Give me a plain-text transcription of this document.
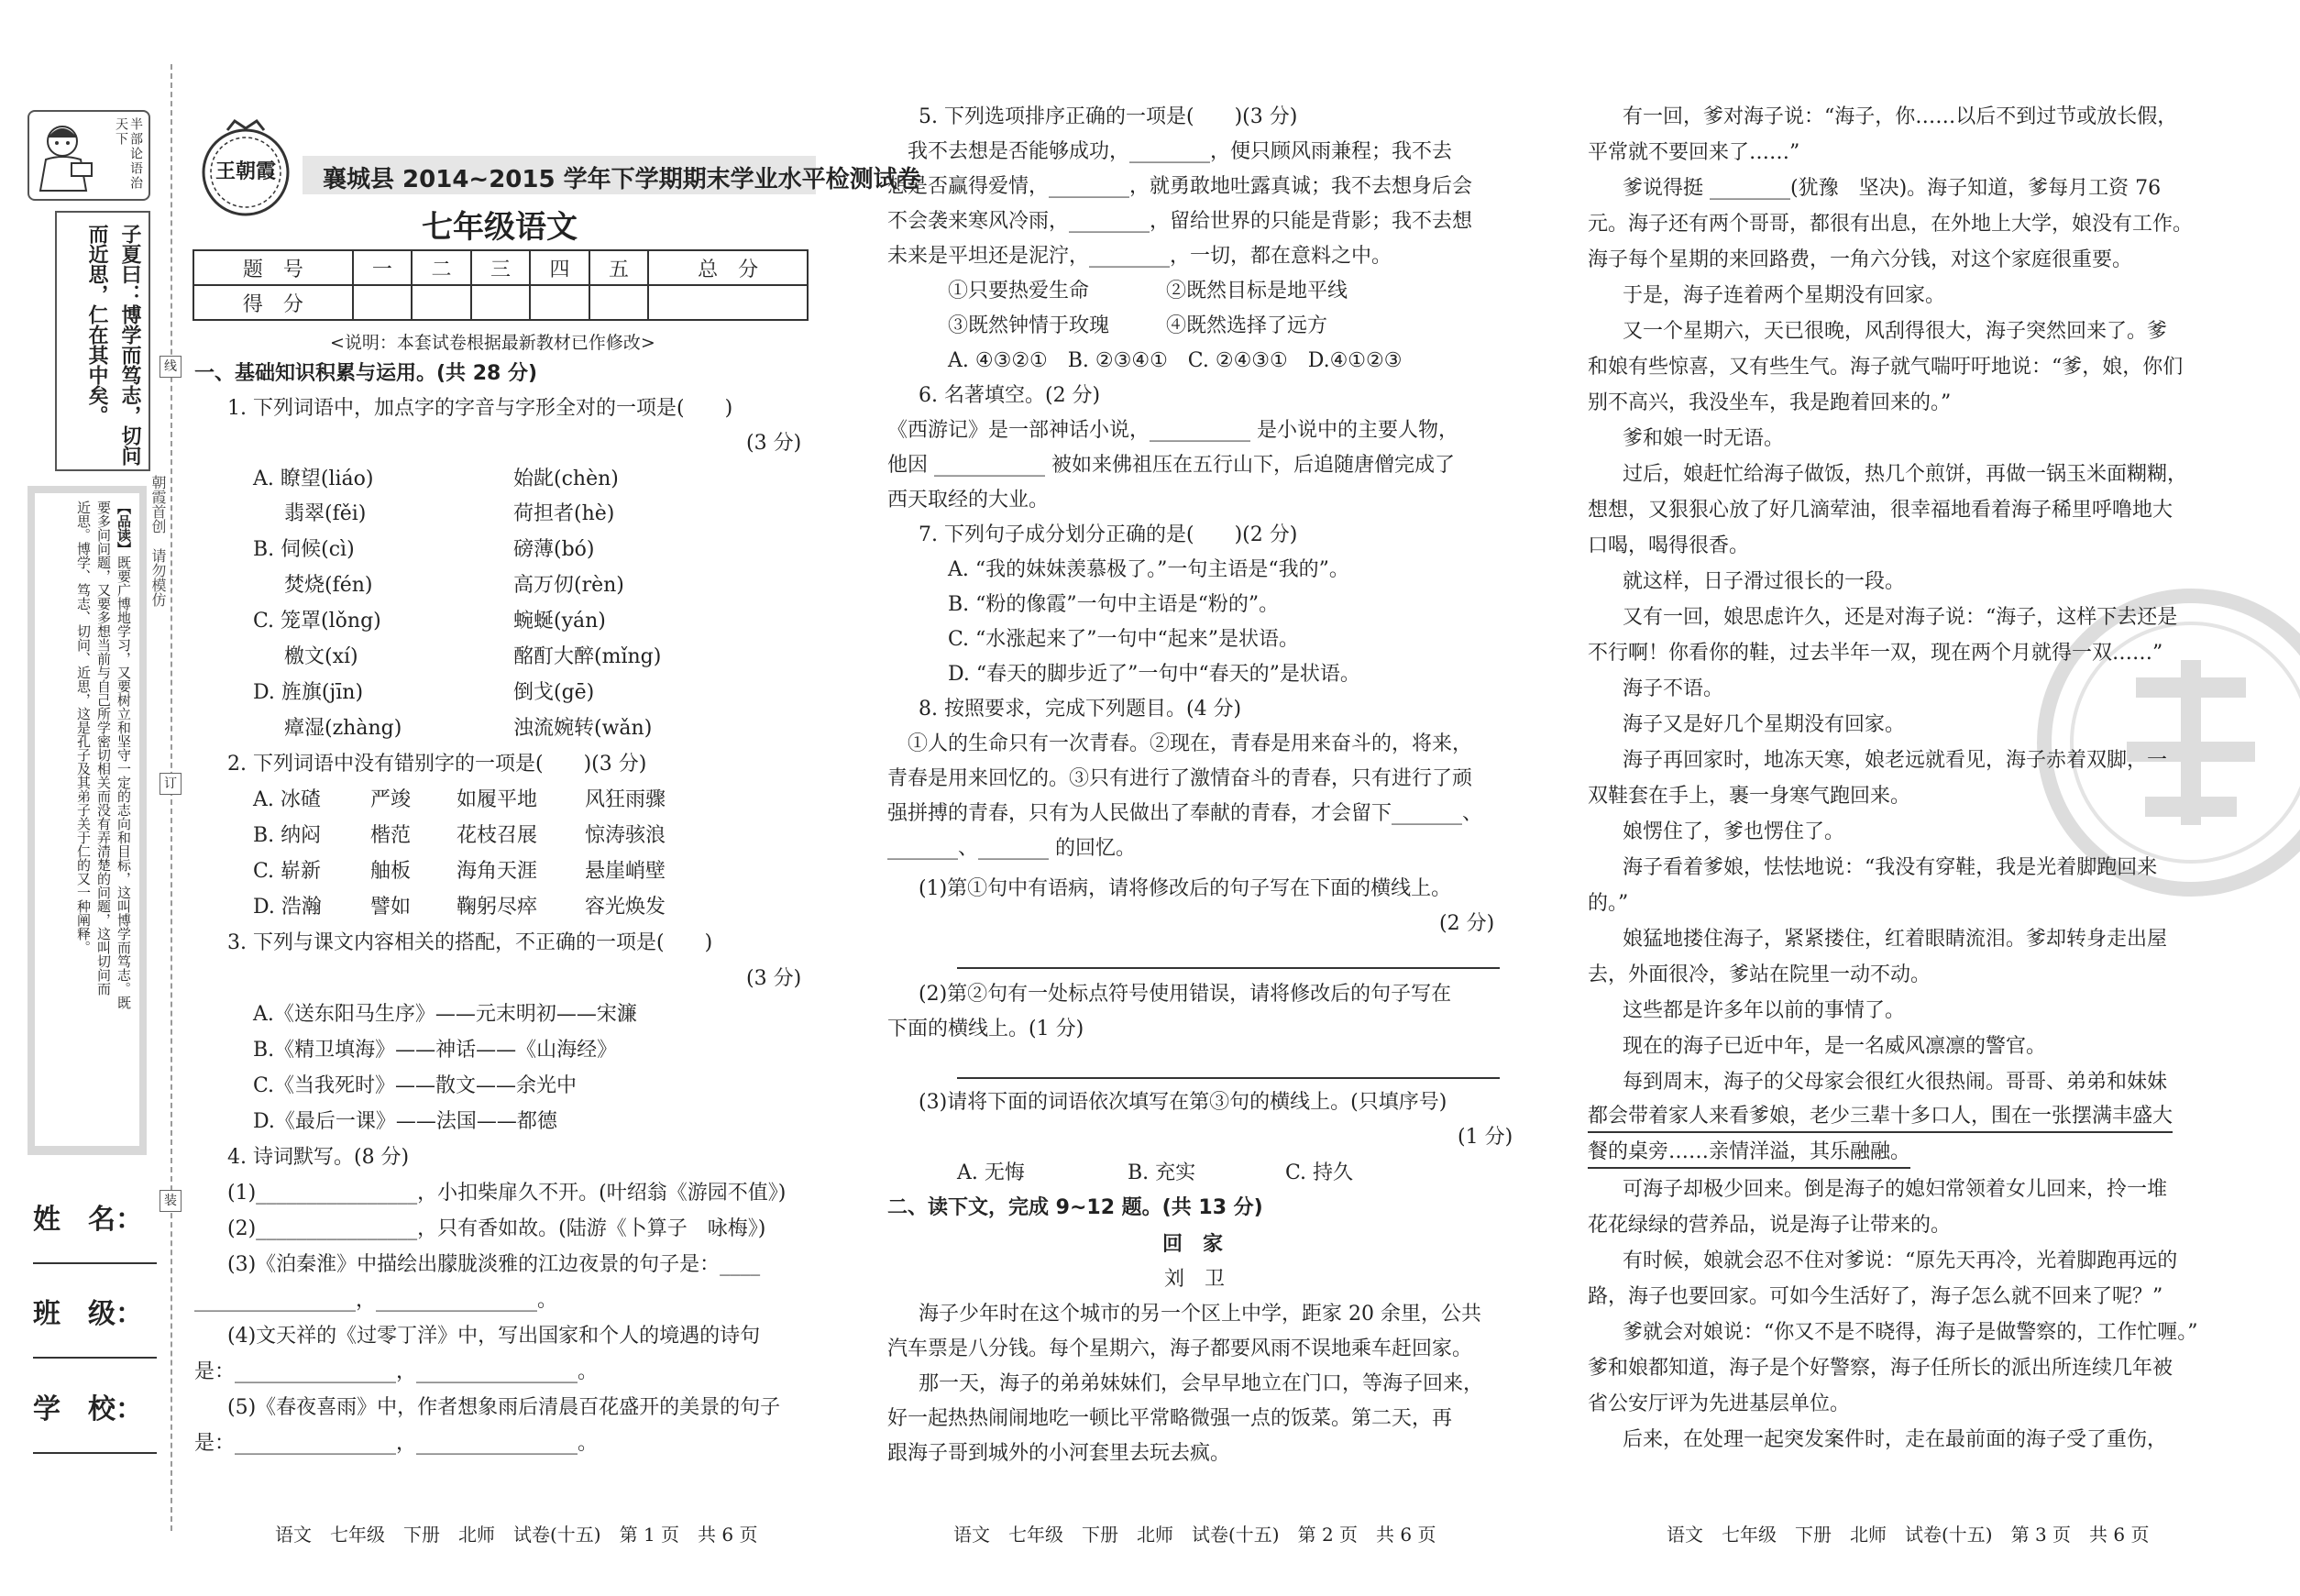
半部论语治天下
子夏曰：博学而笃志，切问
而近思，仁在其中矣。
【品读】既要广博地学习，又要树立和坚守一定的志向和目标，这叫博学而笃志。既
要多问问题，又要多想当前与自己所学密切相关而没有弄清楚的问题，这叫切问而
近思。博学、笃志、切问、近思，这是孔子及其弟子关于仁的又一种阐释。	朝霞首创　请勿模仿
线
订
装
姓　名：
班　级：
学　校：
王朝霞 襄城县 2014~2015 学年下学期期末学业水平检测试卷
七年级语文
题　号	一	二	三	四	五	总　分
得　分						
<说明：本套试卷根据最新教材已作修改>
一、基础知识积累与运用。(共 28 分)
1. 下列词语中，加点字的字音与字形全对的一项是(　　)
(3 分)
A. 瞭望(liáo)	始龀(chèn)
翡翠(fěi)	荷担者(hè)
B. 伺候(cì)	磅薄(bó)
焚烧(fén)	高万仞(rèn)
C. 笼罩(lǒng)	蜿蜒(yán)
檄文(xí)	酩酊大醉(mǐng)
D. 旌旗(jīn)	倒戈(gē)
瘴湿(zhàng)	浊流婉转(wǎn)
2. 下列词语中没有错别字的一项是(　　)(3 分)
A. 冰碴 严竣 如履平地 风狂雨骤
B. 纳闷 楷范 花枝召展 惊涛骇浪
C. 崭新 舳板 海角天涯 悬崖峭壁
D. 浩瀚 譬如 鞠躬尽瘁 容光焕发
3. 下列与课文内容相关的搭配，不正确的一项是(　　)
(3 分)
A.《送东阳马生序》——元末明初——宋濂
B.《精卫填海》——神话——《山海经》
C.《当我死时》——散文——余光中
D.《最后一课》——法国——都德
4. 诗词默写。(8 分)
(1)________________，小扣柴扉久不开。(叶绍翁《游园不值》)
(2)________________，只有香如故。(陆游《卜算子　咏梅》)
(3)《泊秦淮》中描绘出朦胧淡雅的江边夜景的句子是：____
________________，________________。
(4)文天祥的《过零丁洋》中，写出国家和个人的境遇的诗句
是：________________，________________。
(5)《春夜喜雨》中，作者想象雨后清晨百花盛开的美景的句子
是：________________，________________。
语文　七年级　下册　北师　试卷(十五)　第 1 页　共 6 页
5. 下列选项排序正确的一项是(　　)(3 分)
　我不去想是否能够成功，________，便只顾风雨兼程；我不去
想是否赢得爱情，________，就勇敢地吐露真诚；我不去想身后会
不会袭来寒风冷雨，________，留给世界的只能是背影；我不去想
未来是平坦还是泥泞，________，一切，都在意料之中。
①只要热爱生命	②既然目标是地平线
③既然钟情于玫瑰	④既然选择了远方
A. ④③②①　B. ②③④①　C. ②④③①　D.④①②③
6. 名著填空。(2 分)
《西游记》是一部神话小说，__________ 是小说中的主要人物，
他因 ___________ 被如来佛祖压在五行山下，后追随唐僧完成了
西天取经的大业。
7. 下列句子成分划分正确的是(　　)(2 分)
A. “我的妹妹羡慕极了。”一句主语是“我的”。
B. “粉的像霞”一句中主语是“粉的”。
C. “水涨起来了”一句中“起来”是状语。
D. “春天的脚步近了”一句中“春天的”是状语。
8. 按照要求，完成下列题目。(4 分)
　①人的生命只有一次青春。②现在，青春是用来奋斗的，将来，
青春是用来回忆的。③只有进行了激情奋斗的青春，只有进行了顽
强拼搏的青春，只有为人民做出了奉献的青春，才会留下_______、
_______、_______ 的回忆。
(1)第①句中有语病，请将修改后的句子写在下面的横线上。
(2 分)
(2)第②句有一处标点符号使用错误，请将修改后的句子写在
下面的横线上。(1 分)
(3)请将下面的词语依次填写在第③句的横线上。(只填序号)
(1 分)
A. 无悔	B. 充实	C. 持久
二、读下文，完成 9~12 题。(共 13 分)
回　家
刘　卫
　海子少年时在这个城市的另一个区上中学，距家 20 余里，公共
汽车票是八分钱。每个星期六，海子都要风雨不误地乘车赶回家。
　那一天，海子的弟弟妹妹们，会早早地立在门口，等海子回来，
好一起热热闹闹地吃一顿比平常略微强一点的饭菜。第二天，再
跟海子哥到城外的小河套里去玩去疯。
语文　七年级　下册　北师　试卷(十五)　第 2 页　共 6 页
　有一回，爹对海子说：“海子，你……以后不到过节或放长假，
平常就不要回来了……”
　爹说得挺 ________(犹豫　坚决)。海子知道，爹每月工资 76
元。海子还有两个哥哥，都很有出息，在外地上大学，娘没有工作。
海子每个星期的来回路费，一角六分钱，对这个家庭很重要。
　于是，海子连着两个星期没有回家。
　又一个星期六，天已很晚，风刮得很大，海子突然回来了。爹
和娘有些惊喜，又有些生气。海子就气喘吁吁地说：“爹，娘，你们
别不高兴，我没坐车，我是跑着回来的。”
　爹和娘一时无语。
　过后，娘赶忙给海子做饭，热几个煎饼，再做一锅玉米面糊糊，
想想，又狠狠心放了好几滴荤油，很幸福地看着海子稀里呼噜地大
口喝，喝得很香。
　就这样，日子滑过很长的一段。
　又有一回，娘思虑许久，还是对海子说：“海子，这样下去还是
不行啊！你看你的鞋，过去半年一双，现在两个月就得一双……”
　海子不语。
　海子又是好几个星期没有回家。
　海子再回家时，地冻天寒，娘老远就看见，海子赤着双脚，一
双鞋套在手上，裹一身寒气跑回来。
　娘愣住了，爹也愣住了。
　海子看着爹娘，怯怯地说：“我没有穿鞋，我是光着脚跑回来
的。”
　娘猛地搂住海子，紧紧搂住，红着眼睛流泪。爹却转身走出屋
去，外面很冷，爹站在院里一动不动。
　这些都是许多年以前的事情了。
　现在的海子已近中年，是一名威风凛凛的警官。
　每到周末，海子的父母家会很红火很热闹。哥哥、弟弟和妹妹
都会带着家人来看爹娘，老少三辈十多口人，围在一张摆满丰盛大
餐的桌旁……亲情洋溢，其乐融融。
　可海子却极少回来。倒是海子的媳妇常领着女儿回来，拎一堆
花花绿绿的营养品，说是海子让带来的。
　有时候，娘就会忍不住对爹说：“原先天再冷，光着脚跑再远的
路，海子也要回家。可如今生活好了，海子怎么就不回来了呢？”
　爹就会对娘说：“你又不是不晓得，海子是做警察的，工作忙喱。”
爹和娘都知道，海子是个好警察，海子任所长的派出所连续几年被
省公安厅评为先进基层单位。
　后来，在处理一起突发案件时，走在最前面的海子受了重伤，
语文　七年级　下册　北师　试卷(十五)　第 3 页　共 6 页
